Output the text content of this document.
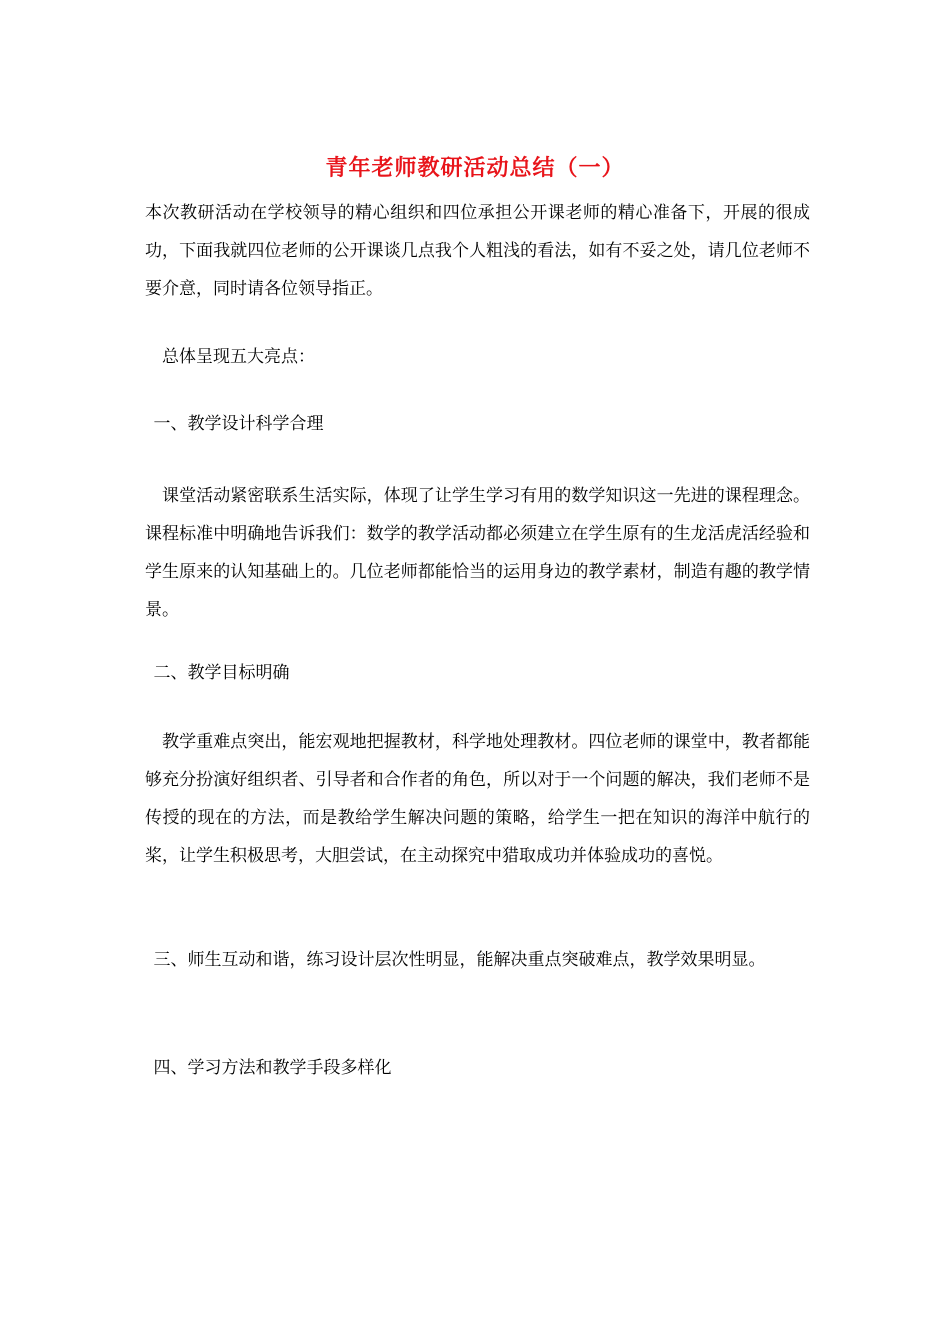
青年老师教研活动总结（一）

本次教研活动在学校领导的精心组织和四位承担公开课老师的精心准备下，开展的很成功，下面我就四位老师的公开课谈几点我个人粗浅的看法，如有不妥之处，请几位老师不要介意，同时请各位领导指正。

 总体呈现五大亮点：

 一、教学设计科学合理

 课堂活动紧密联系生活实际，体现了让学生学习有用的数学知识这一先进的课程理念。课程标准中明确地告诉我们：数学的教学活动都必须建立在学生原有的生龙活虎活经验和学生原来的认知基础上的。几位老师都能恰当的运用身边的教学素材，制造有趣的教学情景。

 二、教学目标明确

 教学重难点突出，能宏观地把握教材，科学地处理教材。四位老师的课堂中，教者都能够充分扮演好组织者、引导者和合作者的角色，所以对于一个问题的解决，我们老师不是传授的现在的方法，而是教给学生解决问题的策略，给学生一把在知识的海洋中航行的桨，让学生积极思考，大胆尝试，在主动探究中猎取成功并体验成功的喜悦。

 三、师生互动和谐，练习设计层次性明显，能解决重点突破难点，教学效果明显。

 四、学习方法和教学手段多样化
